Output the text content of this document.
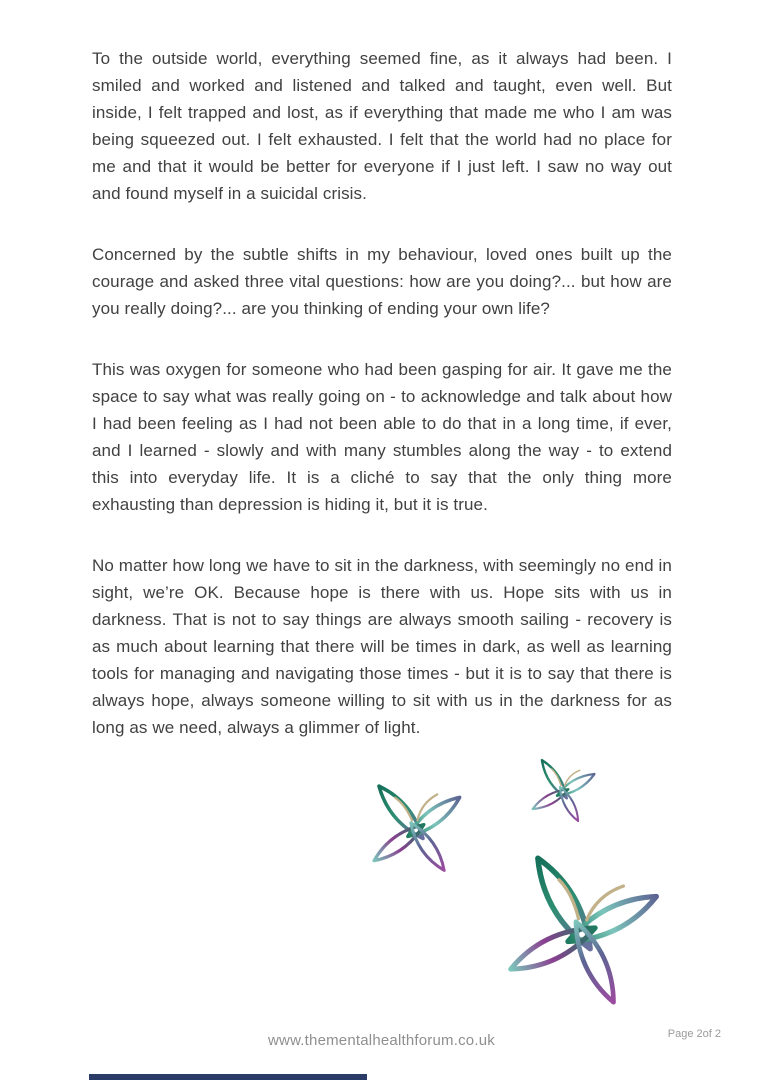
To the outside world, everything seemed fine, as it always had been. I smiled and worked and listened and talked and taught, even well. But inside, I felt trapped and lost, as if everything that made me who I am was being squeezed out. I felt exhausted. I felt that the world had no place for me and that it would be better for everyone if I just left. I saw no way out and found myself in a suicidal crisis.

Concerned by the subtle shifts in my behaviour, loved ones built up the courage and asked three vital questions: how are you doing?... but how are you really doing?... are you thinking of ending your own life?

This was oxygen for someone who had been gasping for air. It gave me the space to say what was really going on - to acknowledge and talk about how I had been feeling as I had not been able to do that in a long time, if ever, and I learned - slowly and with many stumbles along the way - to extend this into everyday life. It is a cliché to say that the only thing more exhausting than depression is hiding it, but it is true.

No matter how long we have to sit in the darkness, with seemingly no end in sight, we’re OK. Because hope is there with us. Hope sits with us in darkness. That is not to say things are always smooth sailing - recovery is as much about learning that there will be times in dark, as well as learning tools for managing and navigating those times - but it is to say that there is always hope, always someone willing to sit with us in the darkness for as long as we need, always a glimmer of light.

www.thementalhealthforum.co.uk	Page 2of 2
